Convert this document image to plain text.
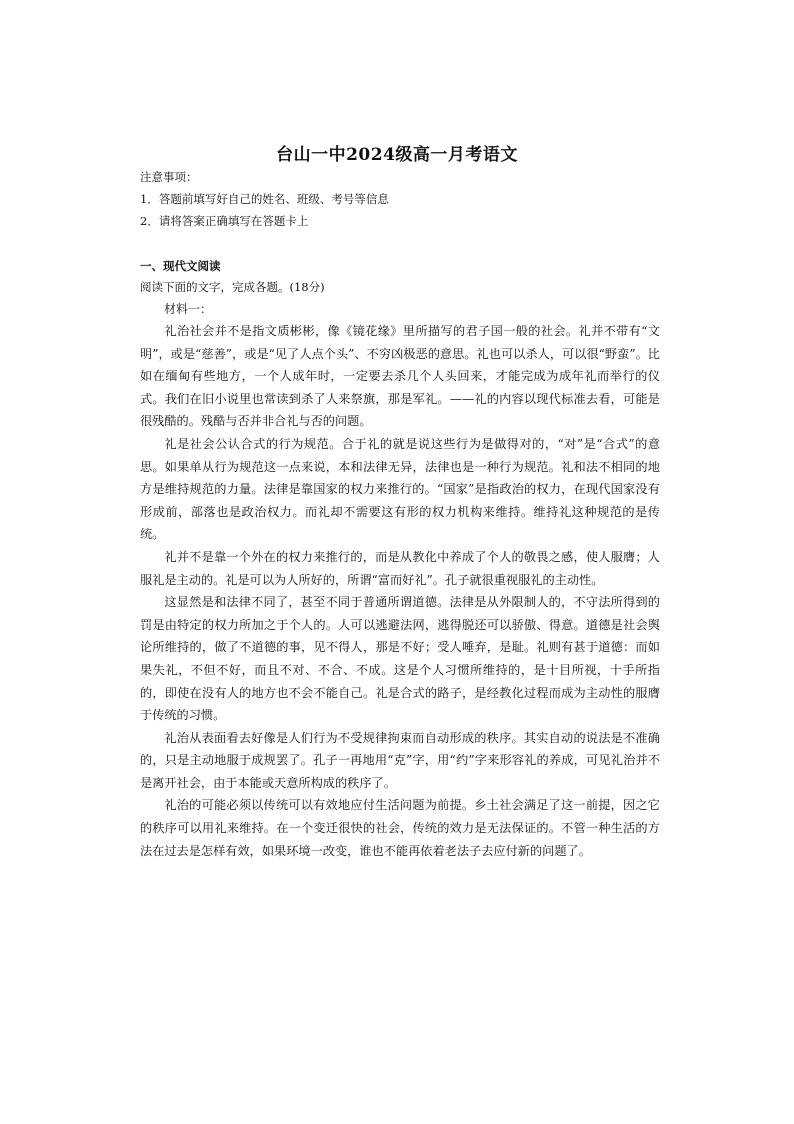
台山一中2024级高一月考语文
注意事项：
1．答题前填写好自己的姓名、班级、考号等信息
2．请将答案正确填写在答题卡上
一、现代文阅读
阅读下面的文字，完成各题。(18分)
材料一：

礼治社会并不是指文质彬彬，像《镜花缘》里所描写的君子国一般的社会。礼并不带有“文明”，或是“慈善”，或是“见了人点个头”、不穷凶极恶的意思。礼也可以杀人，可以很“野蛮”。比如在缅甸有些地方，一个人成年时，一定要去杀几个人头回来，才能完成为成年礼而举行的仪式。我们在旧小说里也常读到杀了人来祭旗，那是军礼。——礼的内容以现代标准去看，可能是很残酷的。残酷与否并非合礼与否的问题。

礼是社会公认合式的行为规范。合于礼的就是说这些行为是做得对的，“对”是“合式”的意思。如果单从行为规范这一点来说，本和法律无异，法律也是一种行为规范。礼和法不相同的地方是维持规范的力量。法律是靠国家的权力来推行的。“国家”是指政治的权力，在现代国家没有形成前，部落也是政治权力。而礼却不需要这有形的权力机构来维持。维持礼这种规范的是传统。

礼并不是靠一个外在的权力来推行的，而是从教化中养成了个人的敬畏之感，使人服膺；人服礼是主动的。礼是可以为人所好的，所谓“富而好礼”。孔子就很重视服礼的主动性。

这显然是和法律不同了，甚至不同于普通所谓道德。法律是从外限制人的，不守法所得到的罚是由特定的权力所加之于个人的。人可以逃避法网，逃得脱还可以骄傲、得意。道德是社会舆论所维持的，做了不道德的事，见不得人，那是不好；受人唾弃，是耻。礼则有甚于道德：而如果失礼，不但不好，而且不对、不合、不成。这是个人习惯所维持的，是十目所视，十手所指的，即使在没有人的地方也不会不能自己。礼是合式的路子，是经教化过程而成为主动性的服膺于传统的习惯。

礼治从表面看去好像是人们行为不受规律拘束而自动形成的秩序。其实自动的说法是不准确的，只是主动地服于成规罢了。孔子一再地用“克”字，用“约”字来形容礼的养成，可见礼治并不是离开社会，由于本能或天意所构成的秩序了。

礼治的可能必须以传统可以有效地应付生活问题为前提。乡土社会满足了这一前提，因之它的秩序可以用礼来维持。在一个变迁很快的社会，传统的效力是无法保证的。不管一种生活的方法在过去是怎样有效，如果环境一改变，谁也不能再依着老法子去应付新的问题了。
